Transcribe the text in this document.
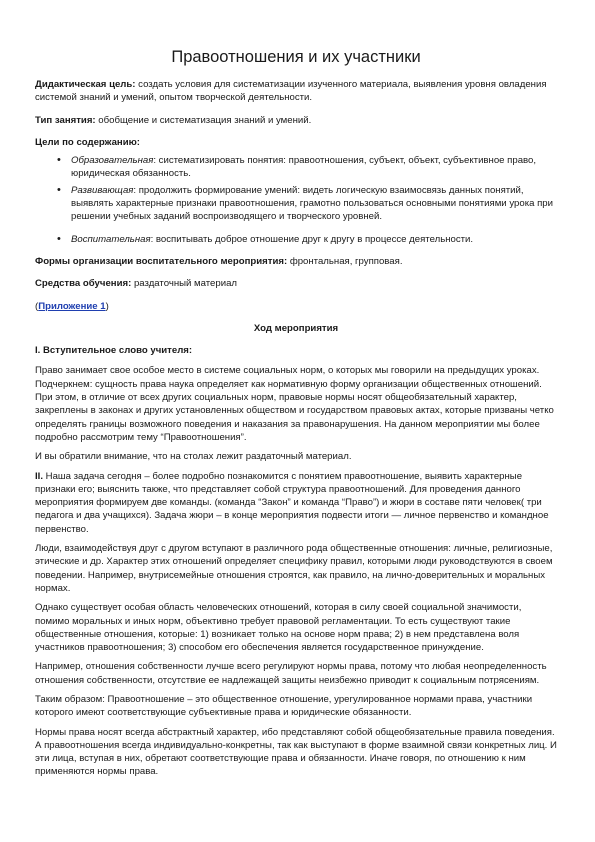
Правоотношения и их участники

Дидактическая цель: создать условия для систематизации изученного материала, выявления уровня овладения системой знаний и умений, опытом творческой деятельности.

Тип занятия: обобщение и систематизация знаний и умений.

Цели по содержанию:

• Образовательная: систематизировать понятия: правоотношения, субъект, объект, субъективное право, юридическая обязанность.
• Развивающая: продолжить формирование умений: видеть логическую взаимосвязь данных понятий, выявлять характерные признаки правоотношения, грамотно пользоваться основными понятиями урока при решении учебных заданий воспроизводящего и творческого уровней.
• Воспитательная: воспитывать доброе отношение друг к другу в процессе деятельности.

Формы организации воспитательного мероприятия: фронтальная, групповая.

Средства обучения: раздаточный материал

(Приложение 1)

Ход мероприятия

I. Вступительное слово учителя:

Право занимает свое особое место в системе социальных норм, о которых мы говорили на предыдущих уроках. Подчеркнем: сущность права наука определяет как нормативную форму организации общественных отношений. При этом, в отличие от всех других социальных норм, правовые нормы носят общеобязательный характер, закреплены в законах и других установленных обществом и государством правовых актах, которые призваны четко определять границы возможного поведения и наказания за правонарушения. На данном мероприятии мы более подробно рассмотрим тему “Правоотношения”.

И вы обратили внимание, что на столах лежит раздаточный материал.

II. Наша задача сегодня – более подробно познакомится с понятием правоотношение, выявить характерные признаки его; выяснить также, что представляет собой структура правоотношений. Для проведения данного мероприятия формируем две команды. (команда “Закон” и команда “Право”) и жюри в составе пяти человек( три педагога и два учащихся). Задача жюри – в конце мероприятия подвести итоги — личное первенство и командное первенство.

Люди, взаимодействуя друг с другом вступают в различного рода общественные отношения: личные, религиозные, этические и др. Характер этих отношений определяет специфику правил, которыми люди руководствуются в своем поведении. Например, внутрисемейные отношения строятся, как правило, на лично-доверительных и моральных нормах.

Однако существует особая область человеческих отношений, которая в силу своей социальной значимости, помимо моральных и иных норм, объективно требует правовой регламентации. То есть существуют такие общественные отношения, которые: 1) возникает только на основе норм права; 2) в нем представлена воля участников правоотношения; 3) способом его обеспечения является государственное принуждение.

Например, отношения собственности лучше всего регулируют нормы права, потому что любая неопределенность отношения собственности, отсутствие ее надлежащей защиты неизбежно приводит к социальным потрясениям.

Таким образом: Правоотношение – это общественное отношение, урегулированное нормами права, участники которого имеют соответствующие субъективные права и юридические обязанности.

Нормы права носят всегда абстрактный характер, ибо представляют собой общеобязательные правила поведения. А правоотношения всегда индивидуально-конкретны, так как выступают в форме взаимной связи конкретных лиц. И эти лица, вступая в них, обретают соответствующие права и обязанности. Иначе говоря, по отношению к ним применяются нормы права.
